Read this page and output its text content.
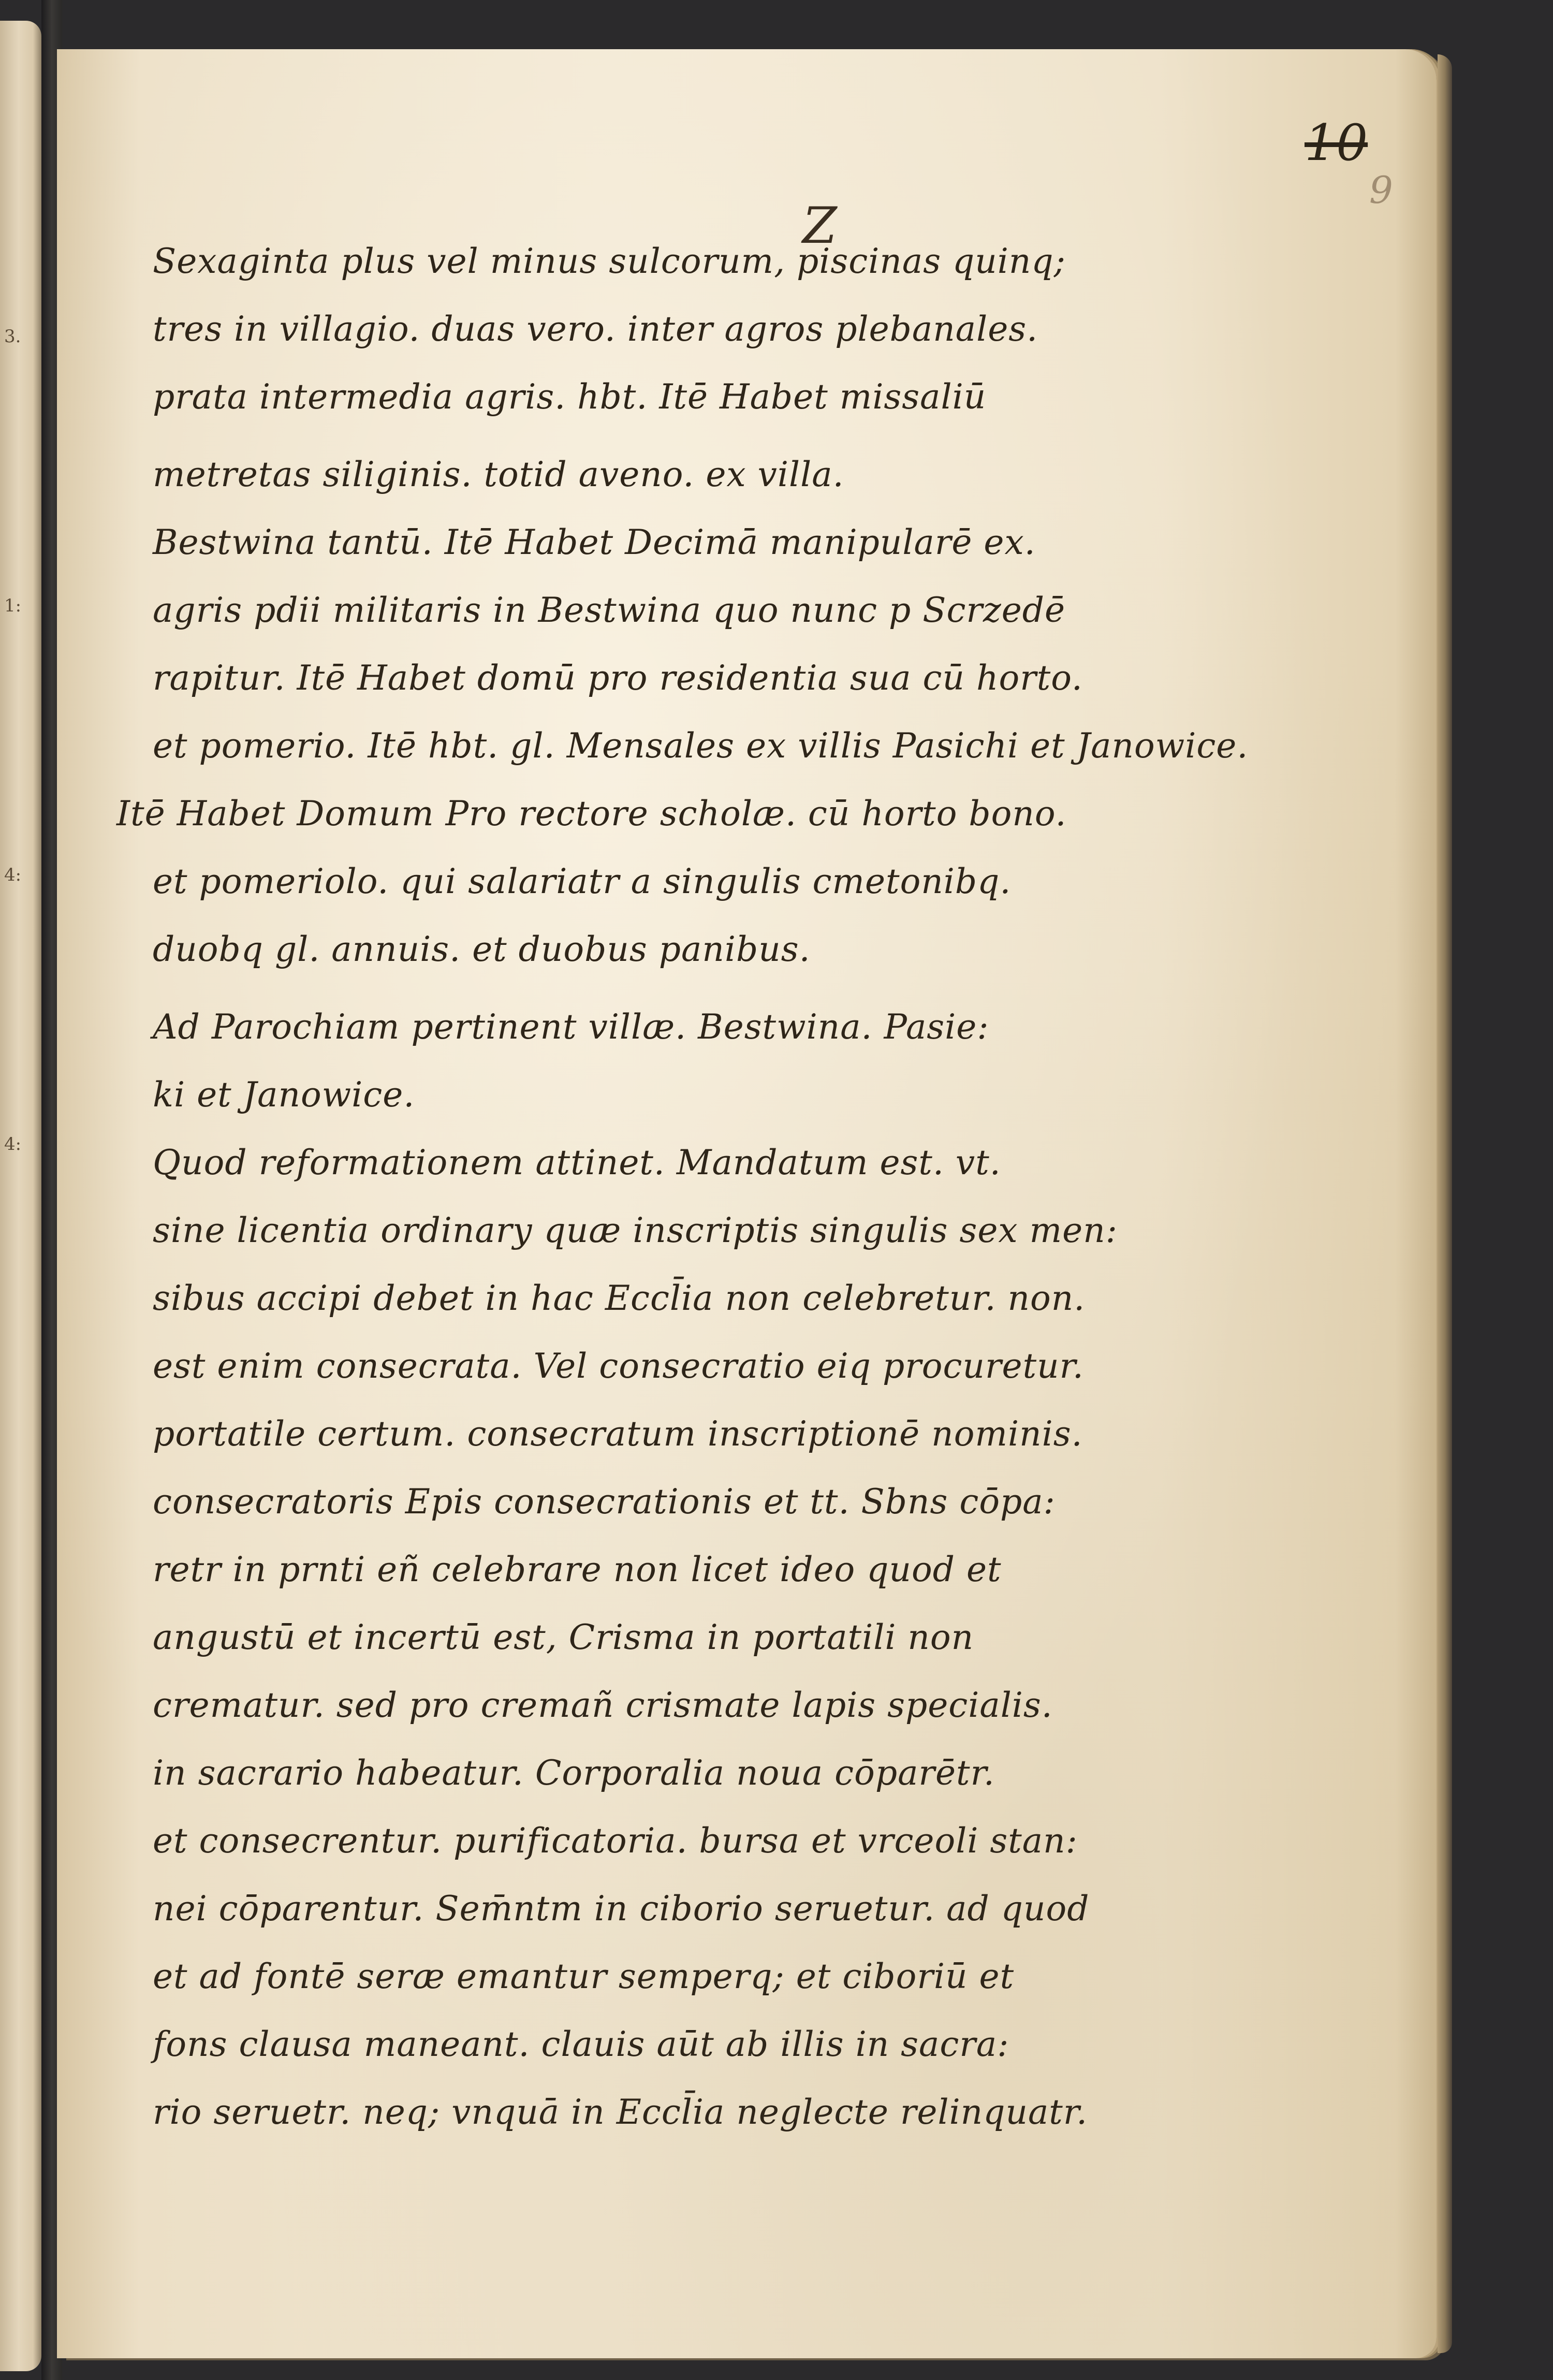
3.
1:
4:
4:
10
9
Z
Sexaginta plus vel minus sulcorum, piscinas quinq;
tres in villagio. duas vero. inter agros plebanales.
prata intermedia agris. hbt. Itē Habet missaliū
metretas siliginis. totid aveno. ex villa.
Bestwina tantū. Itē Habet Decimā manipularē ex.
agris pdii militaris in Bestwina quo nunc p Scrzedē
rapitur. Itē Habet domū pro residentia sua cū horto.
et pomerio. Itē hbt. gl. Mensales ex villis Pasichi et Janowice.
Itē Habet Domum Pro rectore scholæ. cū horto bono.
et pomeriolo. qui salariatr a singulis cmetonibq.
duobq gl. annuis. et duobus panibus.
Ad Parochiam pertinent villæ. Bestwina. Pasie:
ki et Janowice.
Quod reformationem attinet. Mandatum est. vt.
sine licentia ordinary quæ inscriptis singulis sex men:
sibus accipi debet in hac Eccl̄ia non celebretur. non.
est enim consecrata. Vel consecratio eiq procuretur.
portatile certum. consecratum inscriptionē nominis.
consecratoris Epis consecrationis et tt. Sbns cōpa:
retr in prnti eñ celebrare non licet ideo quod et
angustū et incertū est, Crisma in portatili non
crematur. sed pro cremañ crismate lapis specialis.
in sacrario habeatur. Corporalia noua cōparētr.
et consecrentur. purificatoria. bursa et vrceoli stan:
nei cōparentur. Sem̄ntm in ciborio seruetur. ad quod
et ad fontē seræ emantur semperq; et ciboriū et
fons clausa maneant. clauis aūt ab illis in sacra:
rio seruetr. neq; vnquā in Eccl̄ia neglecte relinquatr.
